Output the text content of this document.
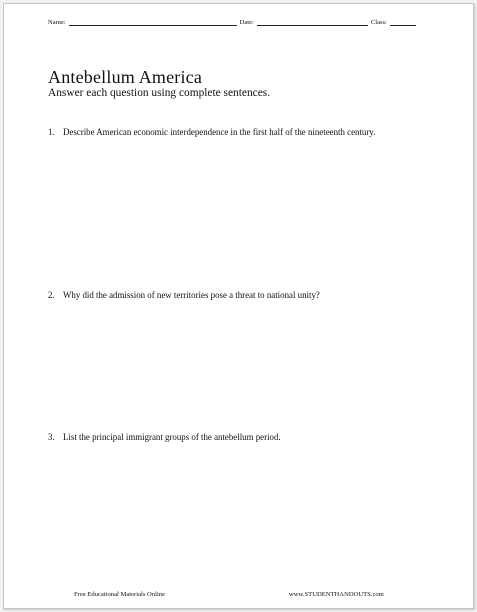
Name:	Date:	Class:
Antebellum America
Answer each question using complete sentences.
1. Describe American economic interdependence in the first half of the nineteenth century.
2. Why did the admission of new territories pose a threat to national unity?
3. List the principal immigrant groups of the antebellum period.
Free Educational Materials Online	www.STUDENTHANDOUTS.com
